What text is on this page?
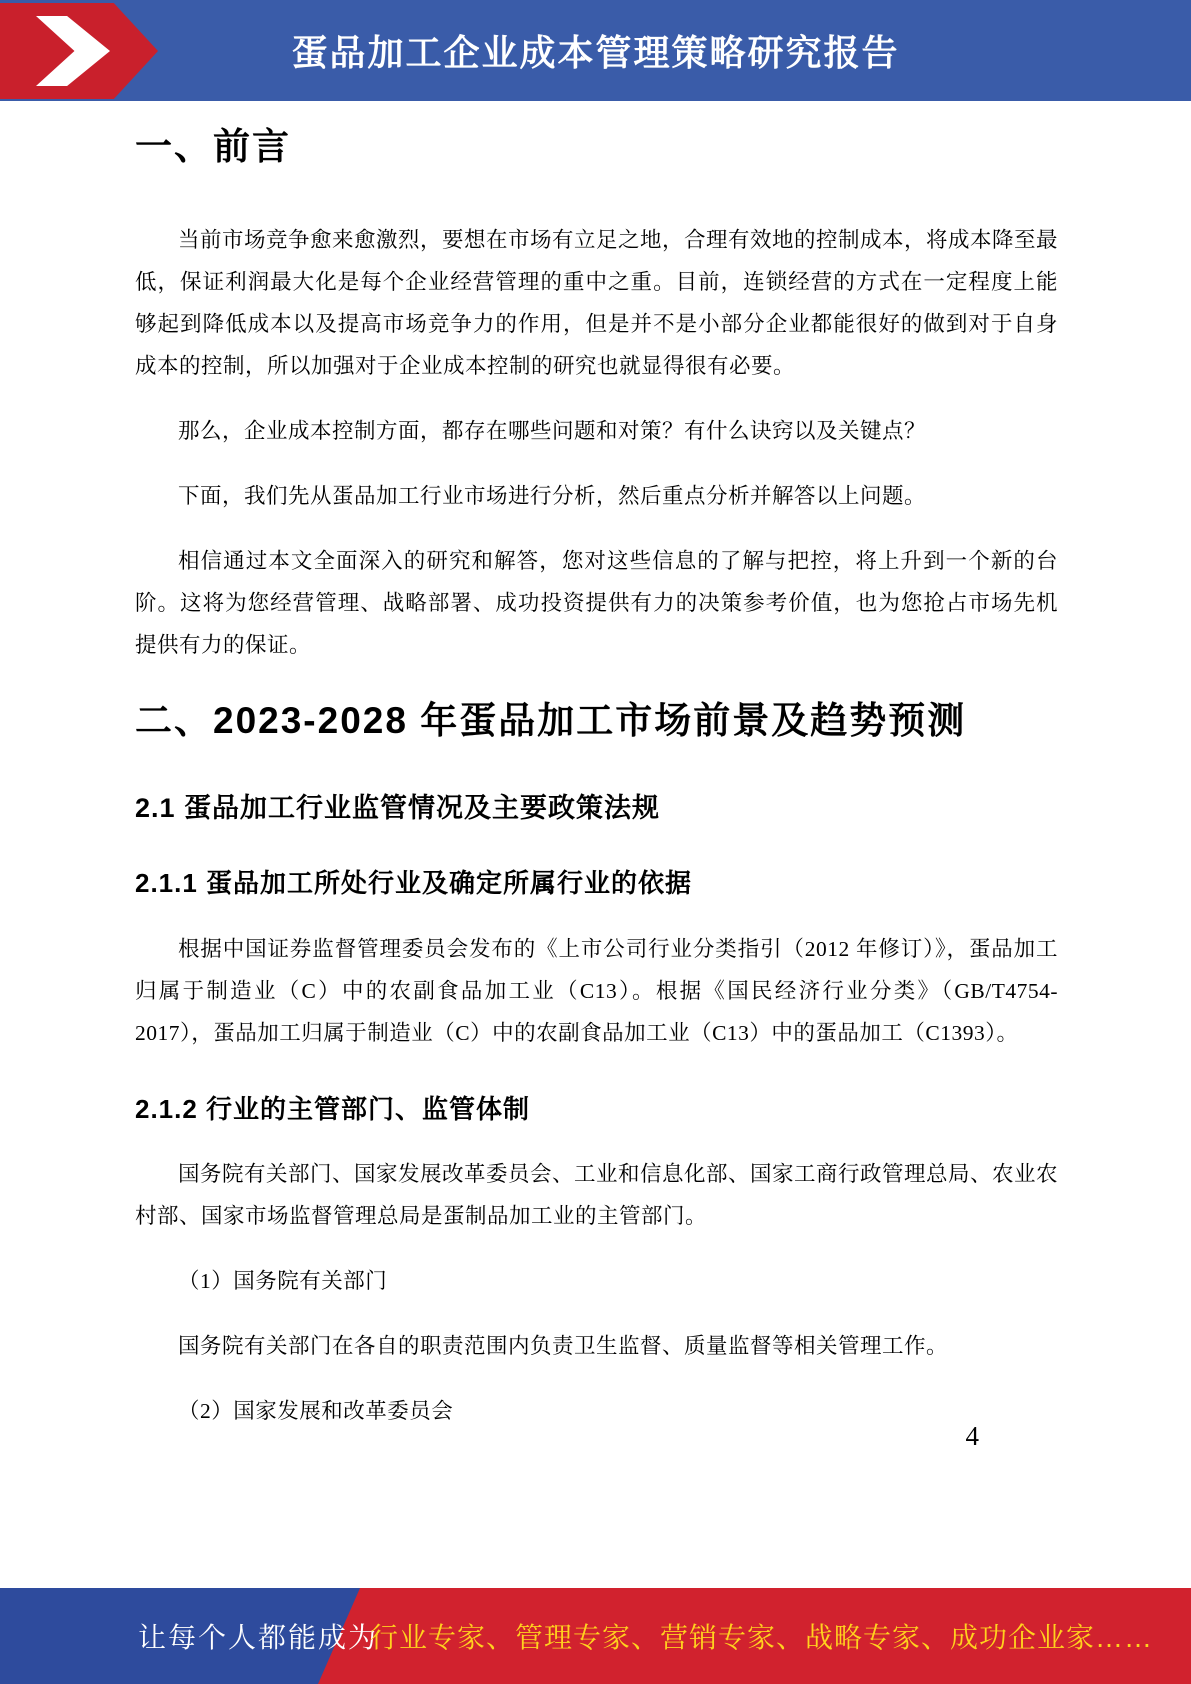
蛋品加工企业成本管理策略研究报告
一、前言
当前市场竞争愈来愈激烈，要想在市场有立足之地，合理有效地的控制成本，将成本降至最低，保证利润最大化是每个企业经营管理的重中之重。目前，连锁经营的方式在一定程度上能够起到降低成本以及提高市场竞争力的作用，但是并不是小部分企业都能很好的做到对于自身成本的控制，所以加强对于企业成本控制的研究也就显得很有必要。
那么，企业成本控制方面，都存在哪些问题和对策？有什么诀窍以及关键点？
下面，我们先从蛋品加工行业市场进行分析，然后重点分析并解答以上问题。
相信通过本文全面深入的研究和解答，您对这些信息的了解与把控，将上升到一个新的台阶。这将为您经营管理、战略部署、成功投资提供有力的决策参考价值，也为您抢占市场先机提供有力的保证。
二、2023-2028 年蛋品加工市场前景及趋势预测
2.1 蛋品加工行业监管情况及主要政策法规
2.1.1 蛋品加工所处行业及确定所属行业的依据
根据中国证券监督管理委员会发布的《上市公司行业分类指引（2012 年修订）》，蛋品加工归属于制造业（C）中的农副食品加工业（C13）。根据《国民经济行业分类》（GB/T4754-2017），蛋品加工归属于制造业（C）中的农副食品加工业（C13）中的蛋品加工（C1393）。
2.1.2 行业的主管部门、监管体制
国务院有关部门、国家发展改革委员会、工业和信息化部、国家工商行政管理总局、农业农村部、国家市场监督管理总局是蛋制品加工业的主管部门。
（1）国务院有关部门
国务院有关部门在各自的职责范围内负责卫生监督、质量监督等相关管理工作。
（2）国家发展和改革委员会
4
让每个人都能成为
行业专家、管理专家、营销专家、战略专家、成功企业家……
